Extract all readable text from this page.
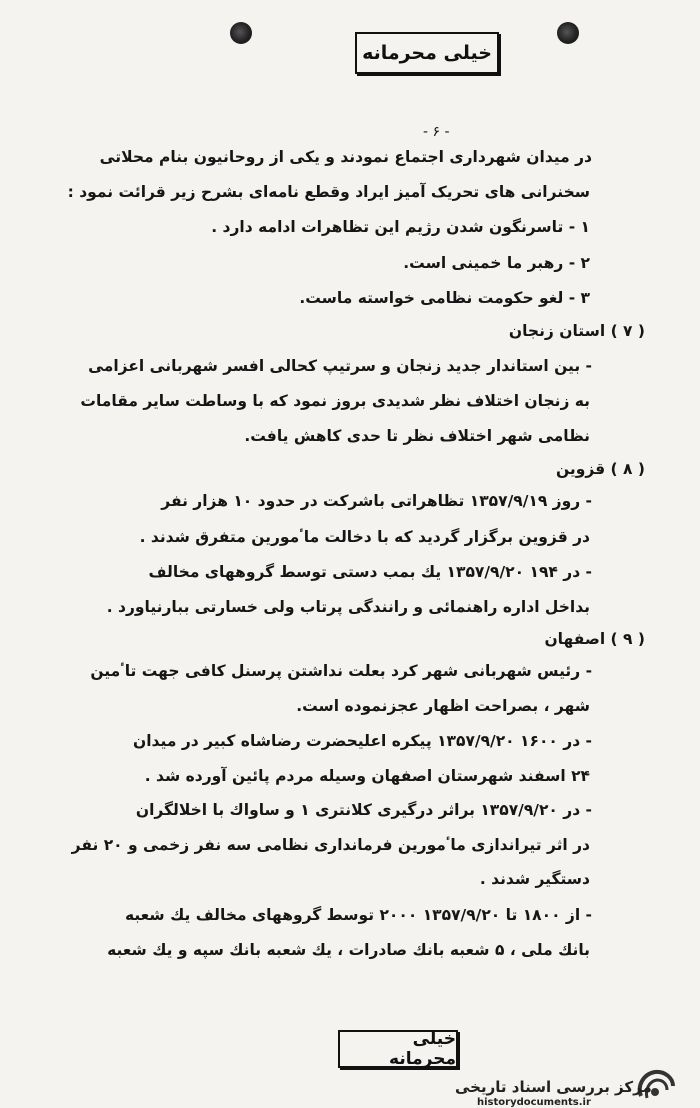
خیلی محرمانه
- ۶ -
در میدان شهرداری اجتماع نمودند و یکی از روحانیون بنام محلاتی
سخنرانی های تحریک آمیز ایراد وقطع نامه‌ای بشرح زیر قرائت نمود :
۱ - تاسرنگون شدن رژیم این تظاهرات ادامه دارد .
۲ - رهبر ما خمینی است.
۳ - لغو حکومت نظامی خواسته ماست.
( ۷ ) استان زنجان
- بین استاندار جدید زنجان و سرتیپ کحالی افسر شهربانی اعزامی
به زنجان اختلاف نظر شدیدی بروز نمود که با وساطت سایر مقامات
نظامی شهر اختلاف نظر تا حدی کاهش یافت.
( ۸ ) قزوین
- روز ۱۳۵۷/۹/۱۹ تظاهراتی باشرکت در حدود ۱۰ هزار نفر
در قزوین برگزار گردید که با دخالت ماٴمورین متفرق شدند .
- در ۱۹۴ ۱۳۵۷/۹/۲۰ یك بمب دستی توسط گروههای مخالف
بداخل اداره راهنمائی و رانندگی پرتاب ولی خسارتی ببارنیاورد .
( ۹ ) اصفهان
- رئیس شهربانی شهر کرد بعلت نداشتن پرسنل کافی جهت تاٴمین
شهر ، بصراحت اظهار عجزنموده است.
- در ۱۶۰۰ ۱۳۵۷/۹/۲۰ پیکره اعلیحضرت رضاشاه کبیر در میدان
۲۴ اسفند شهرستان اصفهان وسیله مردم پائین آورده شد .
- در ۱۳۵۷/۹/۲۰ براثر درگیری کلانتری ۱ و ساواك با اخلالگران
در اثر تیراندازی ماٴمورین فرمانداری نظامی سه نفر زخمی و ۲۰ نفر
دستگیر شدند .
- از ۱۸۰۰ تا ۱۳۵۷/۹/۲۰ ۲۰۰۰ توسط گروههای مخالف یك شعبه
بانك ملی ، ۵ شعبه بانك صادرات ، یك شعبه بانك سپه و یك شعبه
خیلی محرمانه
مرکز بررسی اسناد تاریخی
historydocuments.ir
